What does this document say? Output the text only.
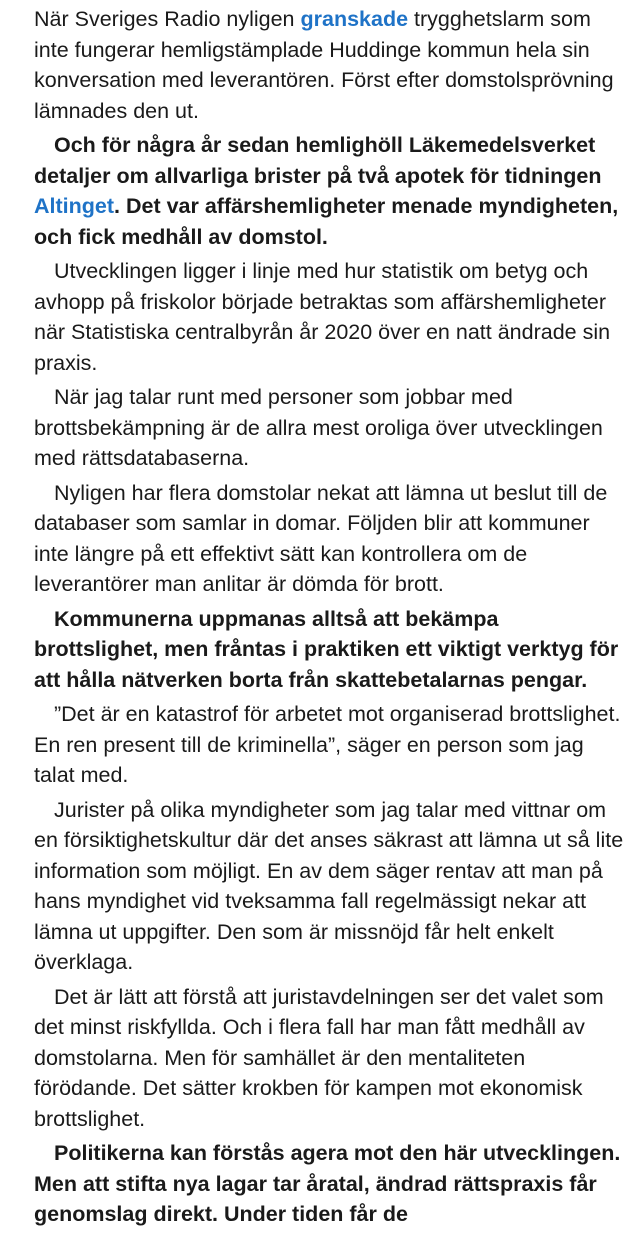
När Sveriges Radio nyligen granskade trygghetslarm som inte fungerar hemligstämplade Huddinge kommun hela sin konversation med leverantören. Först efter domstolsprövning lämnades den ut.

Och för några år sedan hemlighöll Läkemedelsverket detaljer om allvarliga brister på två apotek för tidningen Altinget. Det var affärshemligheter menade myndigheten, och fick medhåll av domstol.

Utvecklingen ligger i linje med hur statistik om betyg och avhopp på friskolor började betraktas som affärshemligheter när Statistiska centralbyrån år 2020 över en natt ändrade sin praxis.

När jag talar runt med personer som jobbar med brottsbekämpning är de allra mest oroliga över utvecklingen med rättsdatabaserna.

Nyligen har flera domstolar nekat att lämna ut beslut till de databaser som samlar in domar. Följden blir att kommuner inte längre på ett effektivt sätt kan kontrollera om de leverantörer man anlitar är dömda för brott.

Kommunerna uppmanas alltså att bekämpa brottslighet, men fråntas i praktiken ett viktigt verktyg för att hålla nätverken borta från skattebetalarnas pengar.

”Det är en katastrof för arbetet mot organiserad brottslighet. En ren present till de kriminella”, säger en person som jag talat med.

Jurister på olika myndigheter som jag talar med vittnar om en försiktighetskultur där det anses säkrast att lämna ut så lite information som möjligt. En av dem säger rentav att man på hans myndighet vid tveksamma fall regelmässigt nekar att lämna ut uppgifter. Den som är missnöjd får helt enkelt överklaga.

Det är lätt att förstå att juristavdelningen ser det valet som det minst riskfyllda. Och i flera fall har man fått medhåll av domstolarna. Men för samhället är den mentaliteten förödande. Det sätter krokben för kampen mot ekonomisk brottslighet.

Politikerna kan förstås agera mot den här utvecklingen. Men att stifta nya lagar tar åratal, ändrad rättspraxis får genomslag direkt. Under tiden får de
